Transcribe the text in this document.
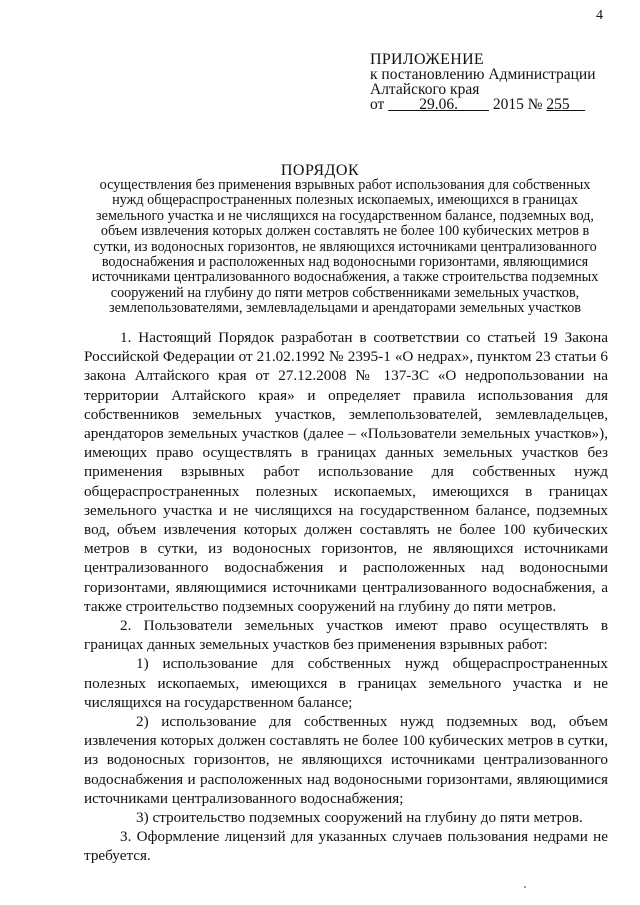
4
ПРИЛОЖЕНИЕ
к постановлению Администрации
Алтайского края
от 29.06. 2015 № 255
ПОРЯДОК
осуществления без применения взрывных работ использования для собственных нужд общераспространенных полезных ископаемых, имеющихся в границах земельного участка и не числящихся на государственном балансе, подземных вод, объем извлечения которых должен составлять не более 100 кубических метров в сутки, из водоносных горизонтов, не являющихся источниками централизованного водоснабжения и расположенных над водоносными горизонтами, являющимися источниками централизованного водоснабжения, а также строительства подземных сооружений на глубину до пяти метров собственниками земельных участков, землепользователями, землевладельцами и арендаторами земельных участков

1. Настоящий Порядок разработан в соответствии со статьей 19 Закона Российской Федерации от 21.02.1992 № 2395-1 «О недрах», пунктом 23 статьи 6 закона Алтайского края от 27.12.2008 № 137-ЗС «О недропользовании на территории Алтайского края» и определяет правила использования для собственников земельных участков, землепользователей, землевладельцев, арендаторов земельных участков (далее – «Пользователи земельных участков»), имеющих право осуществлять в границах данных земельных участков без применения взрывных работ использование для собственных нужд общераспространенных полезных ископаемых, имеющихся в границах земельного участка и не числящихся на государственном балансе, подземных вод, объем извлечения которых должен составлять не более 100 кубических метров в сутки, из водоносных горизонтов, не являющихся источниками централизованного водоснабжения и расположенных над водоносными горизонтами, являющимися источниками централизованного водоснабжения, а также строительство подземных сооружений на глубину до пяти метров.

2. Пользователи земельных участков имеют право осуществлять в границах данных земельных участков без применения взрывных работ:

1) использование для собственных нужд общераспространенных полезных ископаемых, имеющихся в границах земельного участка и не числящихся на государственном балансе;

2) использование для собственных нужд подземных вод, объем извлечения которых должен составлять не более 100 кубических метров в сутки, из водоносных горизонтов, не являющихся источниками централизованного водоснабжения и расположенных над водоносными горизонтами, являющимися источниками централизованного водоснабжения;

3) строительство подземных сооружений на глубину до пяти метров.

3. Оформление лицензий для указанных случаев пользования недрами не требуется.
